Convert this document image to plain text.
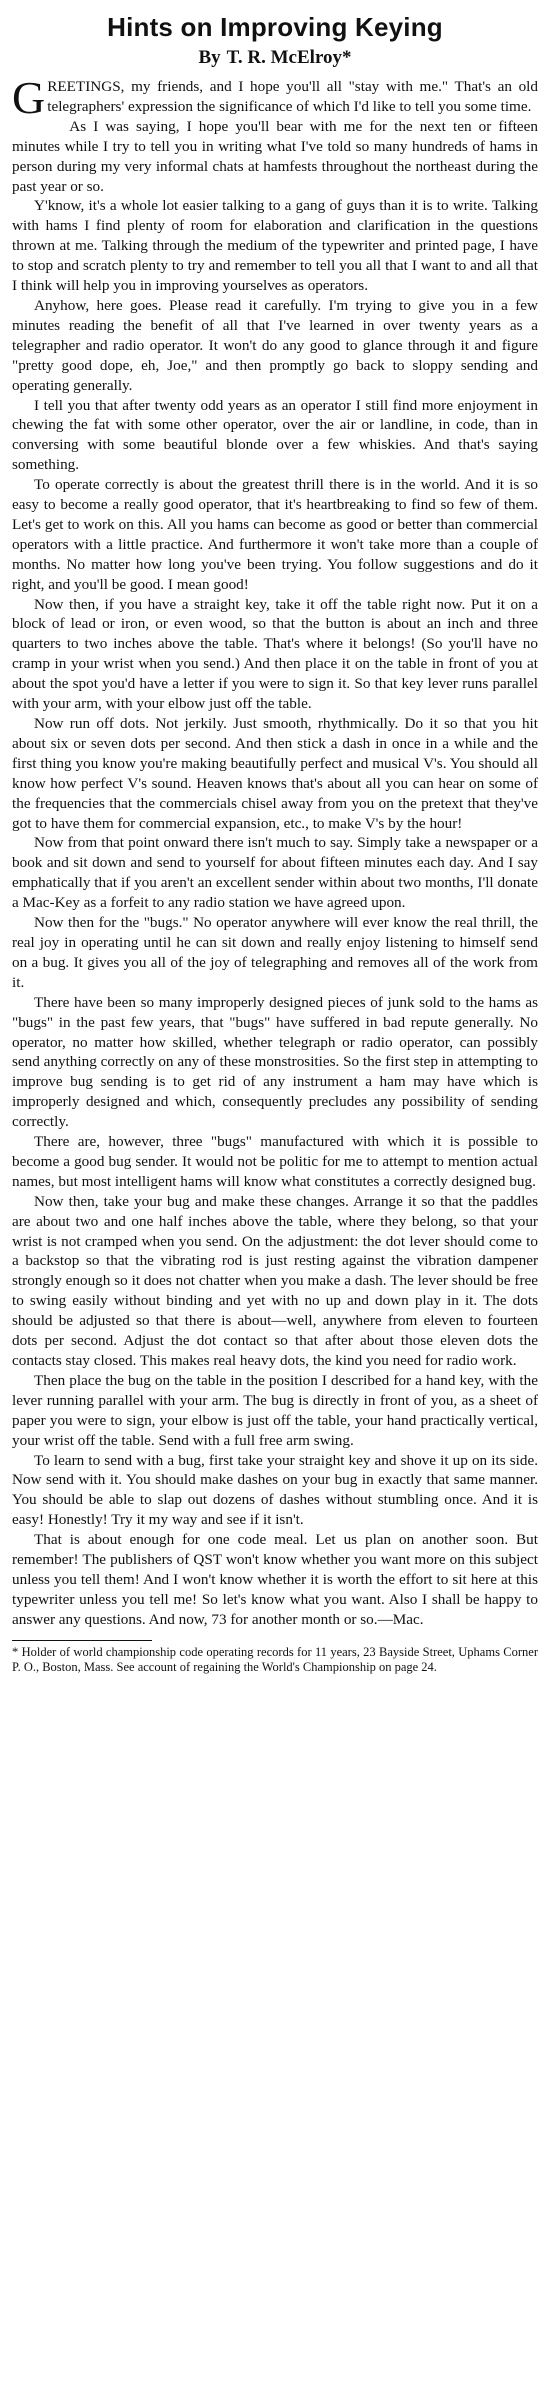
Hints on Improving Keying
By T. R. McElroy*

GREETINGS, my friends, and I hope you'll all "stay with me." That's an old telegraphers' expression the significance of which I'd like to tell you some time.

As I was saying, I hope you'll bear with me for the next ten or fifteen minutes while I try to tell you in writing what I've told so many hundreds of hams in person during my very informal chats at hamfests throughout the northeast during the past year or so.

Y'know, it's a whole lot easier talking to a gang of guys than it is to write. Talking with hams I find plenty of room for elaboration and clarification in the questions thrown at me. Talking through the medium of the typewriter and printed page, I have to stop and scratch plenty to try and remember to tell you all that I want to and all that I think will help you in improving yourselves as operators.

Anyhow, here goes. Please read it carefully. I'm trying to give you in a few minutes reading the benefit of all that I've learned in over twenty years as a telegrapher and radio operator. It won't do any good to glance through it and figure "pretty good dope, eh, Joe," and then promptly go back to sloppy sending and operating generally.

I tell you that after twenty odd years as an operator I still find more enjoyment in chewing the fat with some other operator, over the air or landline, in code, than in conversing with some beautiful blonde over a few whiskies. And that's saying something.

To operate correctly is about the greatest thrill there is in the world. And it is so easy to become a really good operator, that it's heartbreaking to find so few of them. Let's get to work on this. All you hams can become as good or better than commercial operators with a little practice. And furthermore it won't take more than a couple of months. No matter how long you've been trying. You follow suggestions and do it right, and you'll be good. I mean good!

Now then, if you have a straight key, take it off the table right now. Put it on a block of lead or iron, or even wood, so that the button is about an inch and three quarters to two inches above the table. That's where it belongs! (So you'll have no cramp in your wrist when you send.) And then place it on the table in front of you at about the spot you'd have a letter if you were to sign it. So that key lever runs parallel with your arm, with your elbow just off the table.

Now run off dots. Not jerkily. Just smooth, rhythmically. Do it so that you hit about six or seven dots per second. And then stick a dash in once in a while and the first thing you know you're making beautifully perfect and musical V's. You should all know how perfect V's sound. Heaven knows that's about all you can hear on some of the frequencies that the commercials chisel away from you on the pretext that they've got to have them for commercial expansion, etc., to make V's by the hour!

Now from that point onward there isn't much to say. Simply take a newspaper or a book and sit down and send to yourself for about fifteen minutes each day. And I say emphatically that if you aren't an excellent sender within about two months, I'll donate a Mac-Key as a forfeit to any radio station we have agreed upon.

Now then for the "bugs." No operator anywhere will ever know the real thrill, the real joy in operating until he can sit down and really enjoy listening to himself send on a bug. It gives you all of the joy of telegraphing and removes all of the work from it.

There have been so many improperly designed pieces of junk sold to the hams as "bugs" in the past few years, that "bugs" have suffered in bad repute generally. No operator, no matter how skilled, whether telegraph or radio operator, can possibly send anything correctly on any of these monstrosities. So the first step in attempting to improve bug sending is to get rid of any instrument a ham may have which is improperly designed and which, consequently precludes any possibility of sending correctly.

There are, however, three "bugs" manufactured with which it is possible to become a good bug sender. It would not be politic for me to attempt to mention actual names, but most intelligent hams will know what constitutes a correctly designed bug.

Now then, take your bug and make these changes. Arrange it so that the paddles are about two and one half inches above the table, where they belong, so that your wrist is not cramped when you send. On the adjustment: the dot lever should come to a backstop so that the vibrating rod is just resting against the vibration dampener strongly enough so it does not chatter when you make a dash. The lever should be free to swing easily without binding and yet with no up and down play in it. The dots should be adjusted so that there is about—well, anywhere from eleven to fourteen dots per second. Adjust the dot contact so that after about those eleven dots the contacts stay closed. This makes real heavy dots, the kind you need for radio work.

Then place the bug on the table in the position I described for a hand key, with the lever running parallel with your arm. The bug is directly in front of you, as a sheet of paper you were to sign, your elbow is just off the table, your hand practically vertical, your wrist off the table. Send with a full free arm swing.

To learn to send with a bug, first take your straight key and shove it up on its side. Now send with it. You should make dashes on your bug in exactly that same manner. You should be able to slap out dozens of dashes without stumbling once. And it is easy! Honestly! Try it my way and see if it isn't.

That is about enough for one code meal. Let us plan on another soon. But remember! The publishers of QST won't know whether you want more on this subject unless you tell them! And I won't know whether it is worth the effort to sit here at this typewriter unless you tell me! So let's know what you want. Also I shall be happy to answer any questions. And now, 73 for another month or so.—Mac.

* Holder of world championship code operating records for 11 years, 23 Bayside Street, Uphams Corner P. O., Boston, Mass. See account of regaining the World's Championship on page 24.
